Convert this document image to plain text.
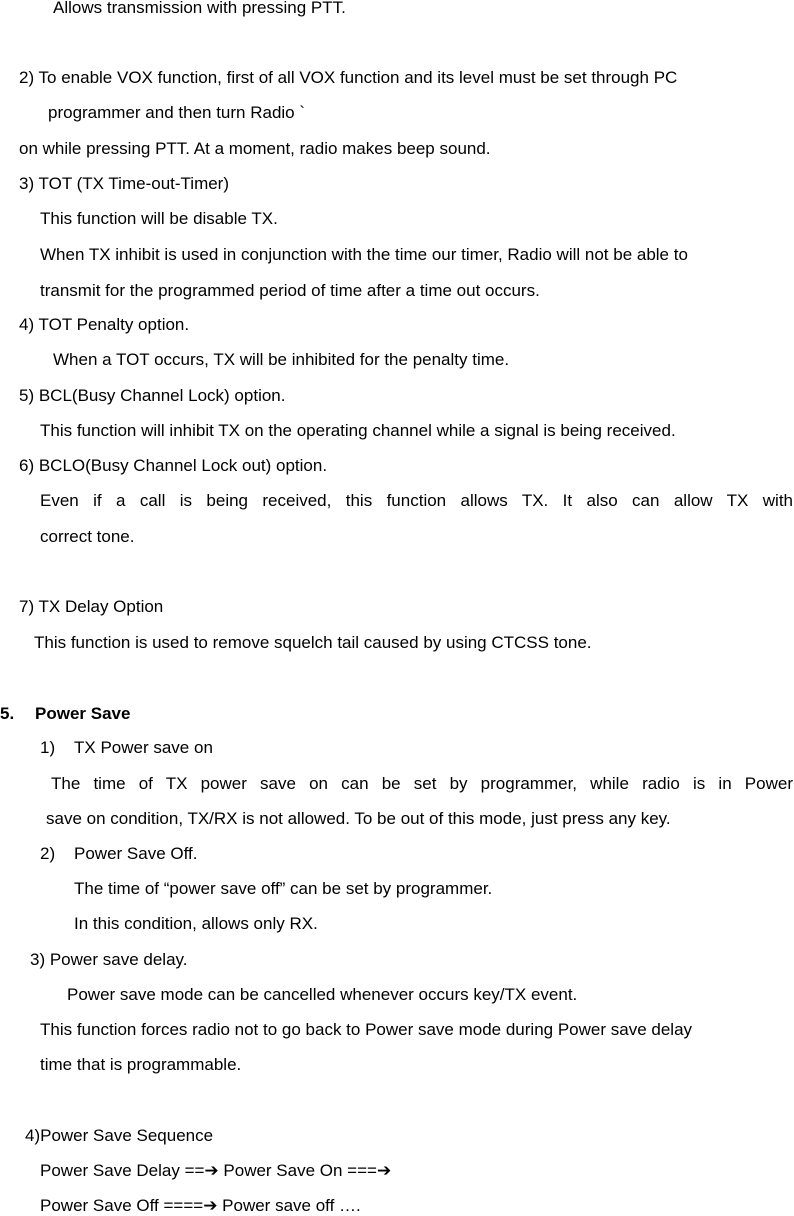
Allows transmission with pressing PTT.
2) To enable VOX function, first of all VOX function and its level must be set through PC
programmer and then turn Radio `
on while pressing PTT. At a moment, radio makes beep sound.
3) TOT (TX Time-out-Timer)
This function will be disable TX.
When TX inhibit is used in conjunction with the time our timer, Radio will not be able to
transmit for the programmed period of time after a time out occurs.
4) TOT Penalty option.
When a TOT occurs, TX will be inhibited for the penalty time.
5) BCL(Busy Channel Lock) option.
This function will inhibit TX on the operating channel while a signal is being received.
6) BCLO(Busy Channel Lock out) option.
Even if a call is being received, this function allows TX. It also can allow TX with
correct tone.
7) TX Delay Option
This function is used to remove squelch tail caused by using CTCSS tone.
5. Power Save
1) TX Power save on
The time of TX power save on can be set by programmer, while radio is in Power
save on condition, TX/RX is not allowed. To be out of this mode, just press any key.
2) Power Save Off.
The time of “power save off” can be set by programmer.
In this condition, allows only RX.
3) Power save delay.
Power save mode can be cancelled whenever occurs key/TX event.
This function forces radio not to go back to Power save mode during Power save delay
time that is programmable.
4)Power Save Sequence
Power Save Delay ==➔ Power Save On ===➔
Power Save Off ====➔ Power save off ….
